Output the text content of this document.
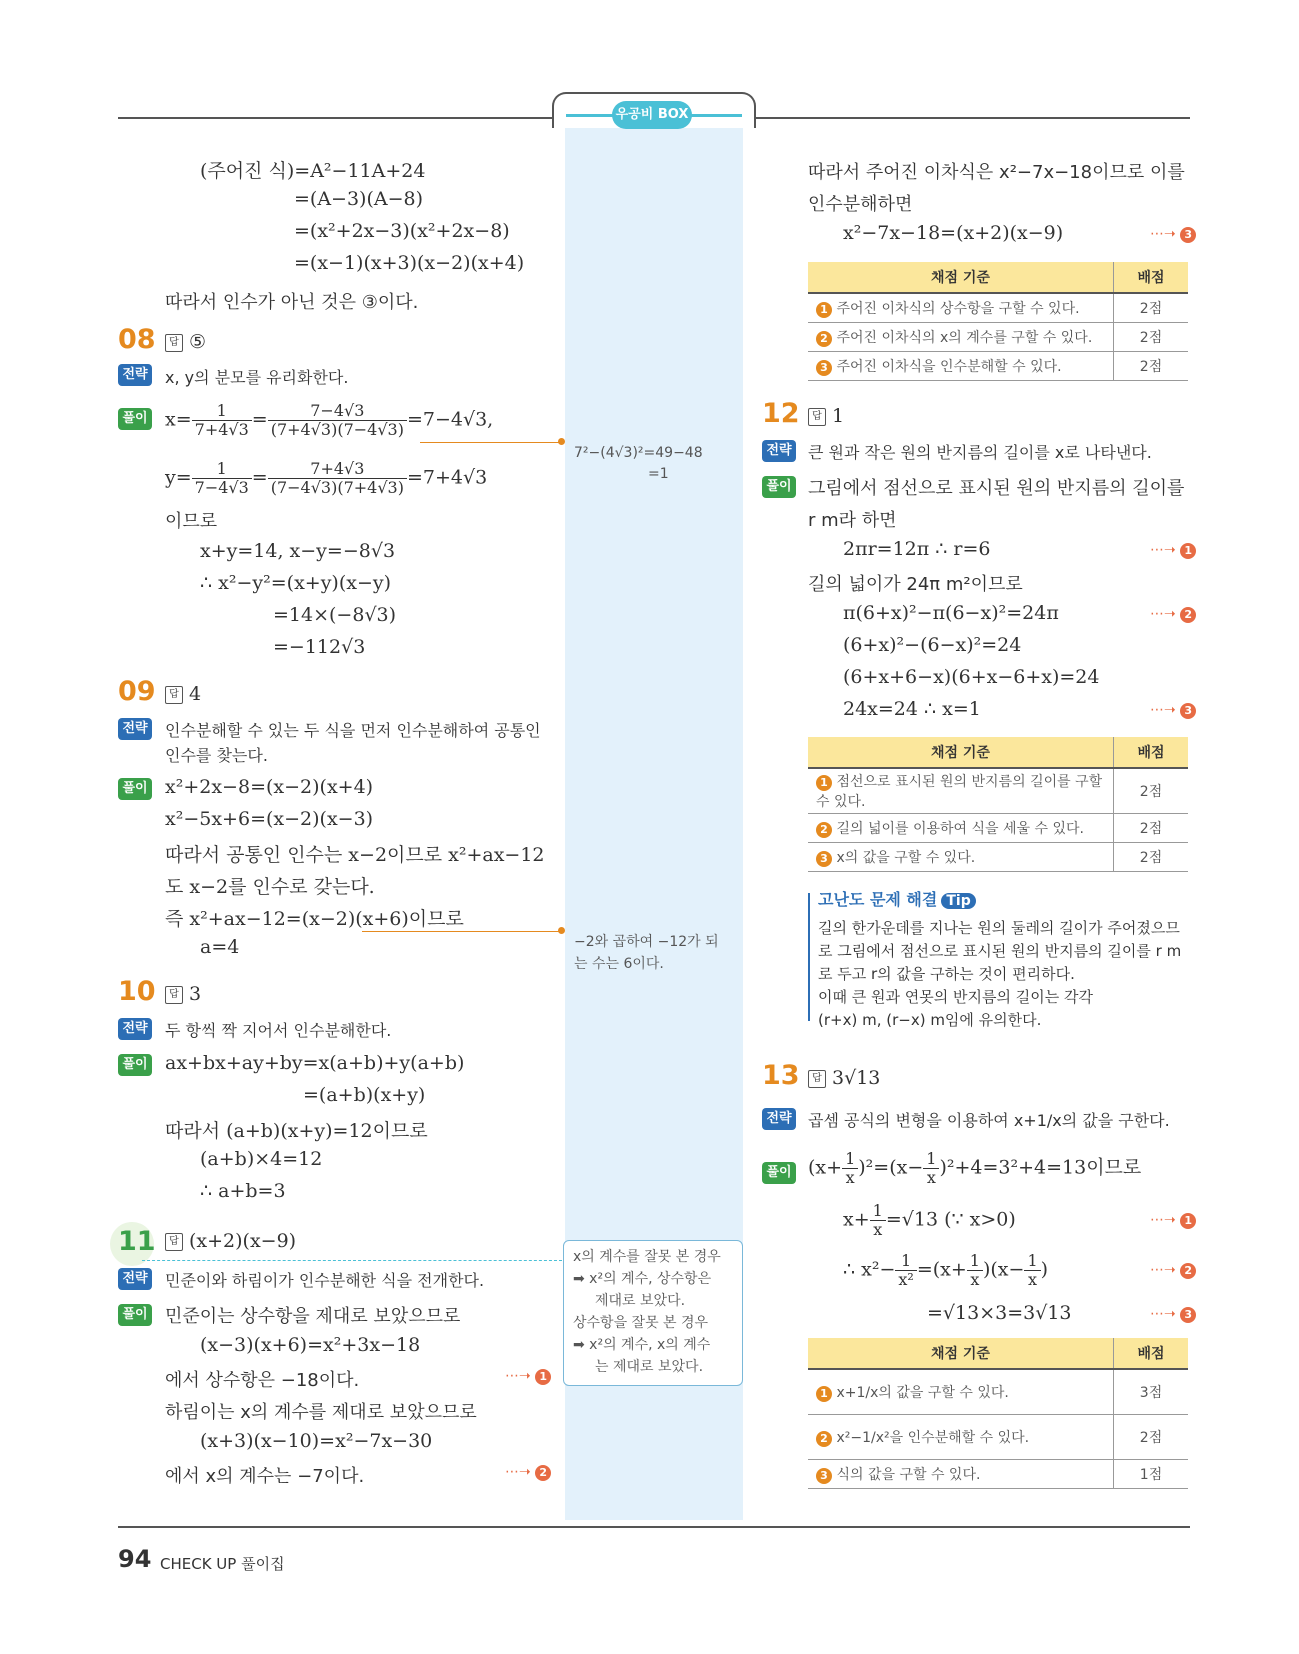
우공비 BOX
(주어진 식)=A²−11A+24
=(A−3)(A−8)
=(x²+2x−3)(x²+2x−8)
=(x−1)(x+3)(x−2)(x+4)
따라서 인수가 아닌 것은 ③이다.
08	답 ⑤
전략 x, y의 분모를 유리화한다.
풀이 $x= \frac{1}{7+4√3} = \frac{7-4√3}{(7+4√3)(7-4√3)} =7-4√3$,
$y= \frac{1}{7-4√3} = \frac{7+4√3}{(7-4√3)(7+4√3)} =7+4√3$
이므로
x+y=14, x−y=−8√3
∴ x²−y²=(x+y)(x−y)
=14×(−8√3)
=−112√3
09	답 4
전략 인수분해할 수 있는 두 식을 먼저 인수분해하여 공통인
인수를 찾는다.
풀이 x²+2x−8=(x−2)(x+4)
x²−5x+6=(x−2)(x−3)
따라서 공통인 인수는 x−2이므로 x²+ax−12
도 x−2를 인수로 갖는다.
즉 x²+ax−12=(x−2)(x+6)이므로
a=4
10	답 3
전략 두 항씩 짝 지어서 인수분해한다.
풀이 ax+bx+ay+by=x(a+b)+y(a+b)
=(a+b)(x+y)
따라서 (a+b)(x+y)=12이므로
(a+b)×4=12
∴ a+b=3
11	답 (x+2)(x−9)
전략 민준이와 하림이가 인수분해한 식을 전개한다.
풀이 민준이는 상수항을 제대로 보았으므로
(x−3)(x+6)=x²+3x−18
에서 상수항은 −18이다.	⋯➝ 1
하림이는 x의 계수를 제대로 보았으므로
(x+3)(x−10)=x²−7x−30
에서 x의 계수는 −7이다.	⋯➝ 2
7²−(4√3)²=49−48
=1
−2와 곱하여 −12가 되
는 수는 6이다.
x의 계수를 잘못 본 경우
➡ x²의 계수, 상수항은
제대로 보았다.
상수항을 잘못 본 경우
➡ x²의 계수, x의 계수
는 제대로 보았다.
따라서 주어진 이차식은 x²−7x−18이므로 이를
인수분해하면
x²−7x−18=(x+2)(x−9)	⋯➝ 3
채점 기준	배점
1 주어진 이차식의 상수항을 구할 수 있다.	2점
2 주어진 이차식의 x의 계수를 구할 수 있다.	2점
3 주어진 이차식을 인수분해할 수 있다.	2점
12	답 1
전략 큰 원과 작은 원의 반지름의 길이를 x로 나타낸다.
풀이 그림에서 점선으로 표시된 원의 반지름의 길이를
r m라 하면
2πr=12π ∴ r=6	⋯➝ 1
길의 넓이가 24π m²이므로
π(6+x)²−π(6−x)²=24π	⋯➝ 2
(6+x)²−(6−x)²=24
(6+x+6−x)(6+x−6+x)=24
24x=24 ∴ x=1	⋯➝ 3
채점 기준	배점
1 점선으로 표시된 원의 반지름의 길이를 구할 수 있다.	2점
2 길의 넓이를 이용하여 식을 세울 수 있다.	2점
3 x의 값을 구할 수 있다.	2점
고난도 문제 해결 Tip
길의 한가운데를 지나는 원의 둘레의 길이가 주어졌으므
로 그림에서 점선으로 표시된 원의 반지름의 길이를 r m
로 두고 r의 값을 구하는 것이 편리하다.
이때 큰 원과 연못의 반지름의 길이는 각각
(r+x) m, (r−x) m임에 유의한다.
13	답 3√13
전략 곱셈 공식의 변형을 이용하여 x+1/x의 값을 구한다.
풀이 $(x+ \frac{1}{x} )^2=(x- \frac{1}{x} )^2+4=3^2+4=13$이므로
$x+ \frac{1}{x} =√13$ (∵ x>0)	⋯➝ 1
∴ $x^2- \frac{1}{\text{x²}} =(x+ \frac{1}{x} )(x- \frac{1}{x}$ )	⋯➝ 2
=√13×3=3√13	⋯➝ 3
채점 기준	배점
1 x+1/x의 값을 구할 수 있다.	3점
2 x²−1/x²을 인수분해할 수 있다.	2점
3 식의 값을 구할 수 있다.	1점
94 CHECK UP 풀이집
